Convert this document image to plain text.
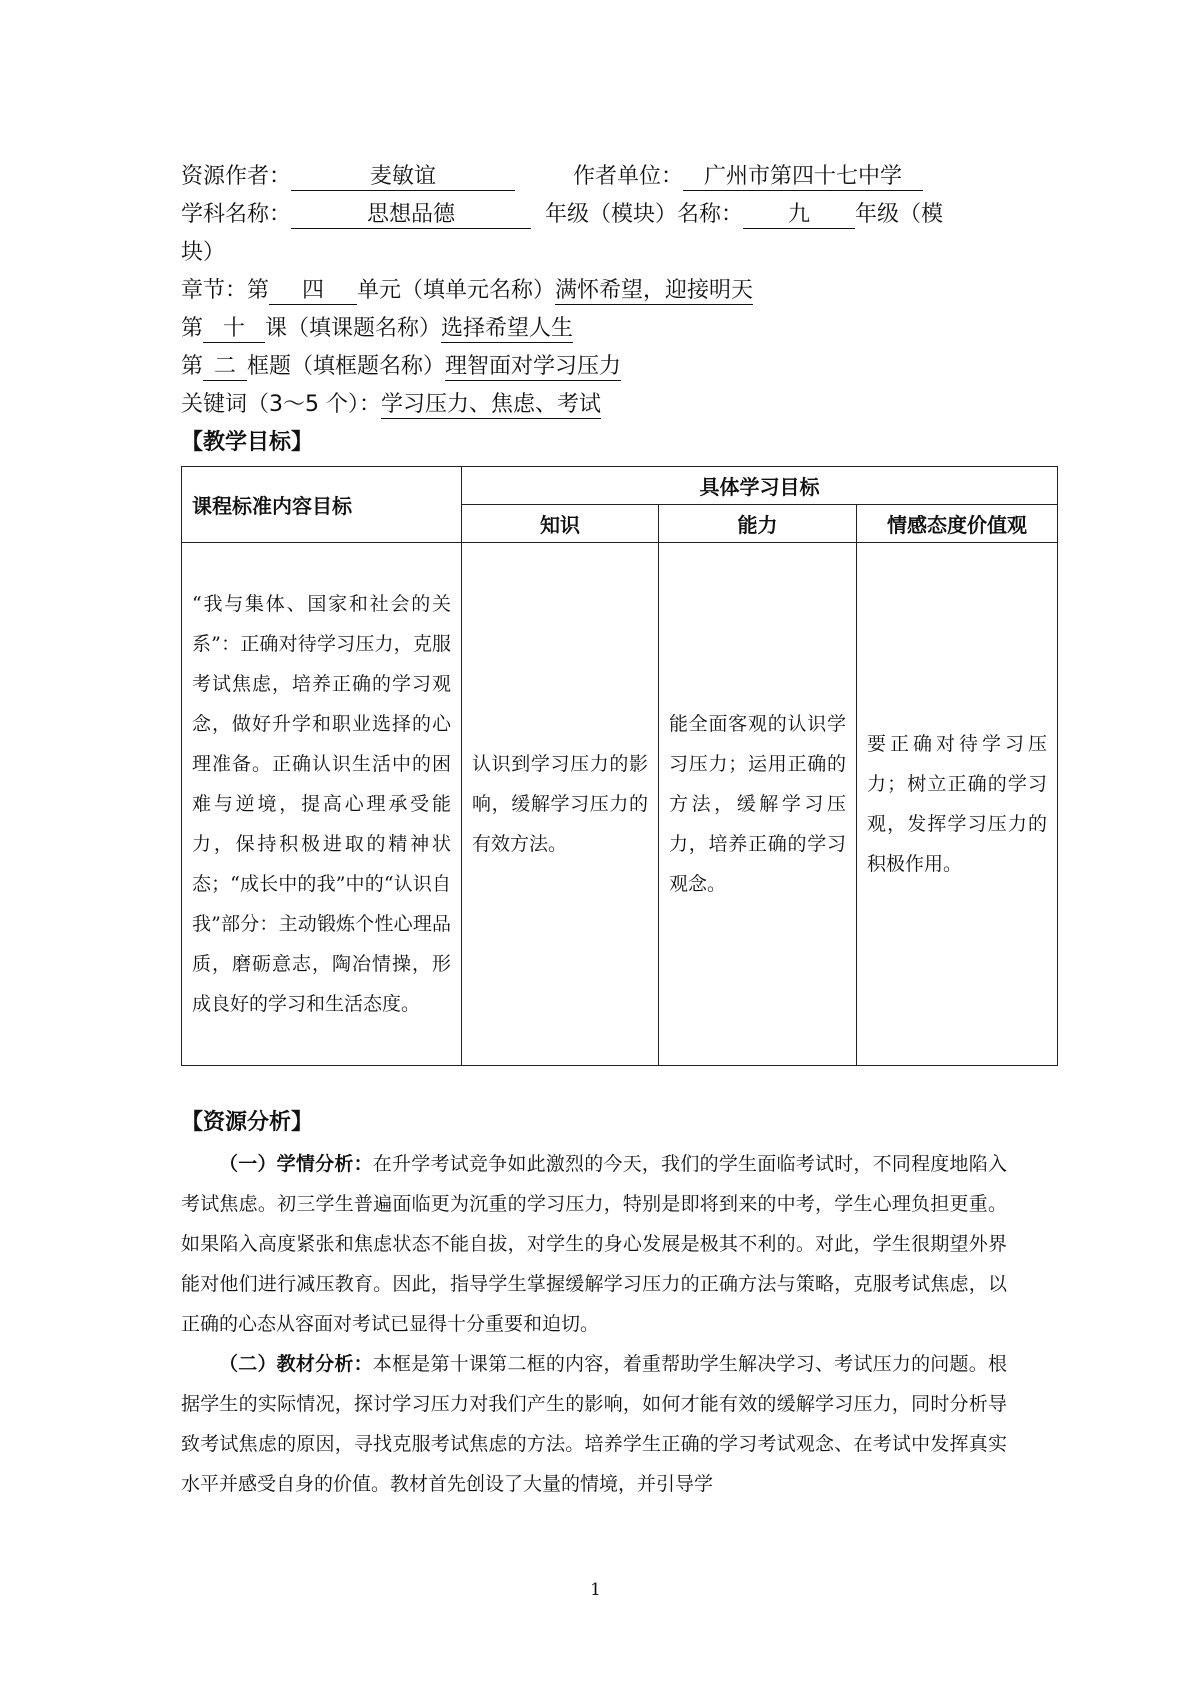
资源作者：	麦敏谊	作者单位： 广州市第四十七中学
学科名称：	思想品德	年级（模块）名称： 九 年级（模
块）
章节：第 四 单元（填单元名称）满怀希望，迎接明天
第 十 课（填课题名称）选择希望人生
第 二 框题（填框题名称）理智面对学习压力
关键词（3～5 个）：学习压力、焦虑、考试
【教学目标】
课程标准内容目标	具体学习目标		
	知识	能力	情感态度价值观

“我与集体、国家和社会的关系”：正确对待学习压力，克服考试焦虑，培养正确的学习观念，做好升学和职业选择的心理准备。正确认识生活中的困难与逆境，提高心理承受能力，保持积极进取的精神状态；“成长中的我”中的“认识自我”部分：主动锻炼个性心理品质，磨砺意志，陶冶情操，形成良好的学习和生活态度。	认识到学习压力的影响，缓解学习压力的有效方法。	能全面客观的认识学习压力；运用正确的方法，缓解学习压力，培养正确的学习观念。	要正确对待学习压力；树立正确的学习观，发挥学习压力的积极作用。
【资源分析】
（一）学情分析：在升学考试竞争如此激烈的今天，我们的学生面临考试时，不同程度地陷入考试焦虑。初三学生普遍面临更为沉重的学习压力，特别是即将到来的中考，学生心理负担更重。如果陷入高度紧张和焦虑状态不能自拔，对学生的身心发展是极其不利的。对此，学生很期望外界能对他们进行减压教育。因此，指导学生掌握缓解学习压力的正确方法与策略，克服考试焦虑，以正确的心态从容面对考试已显得十分重要和迫切。
（二）教材分析：本框是第十课第二框的内容，着重帮助学生解决学习、考试压力的问题。根据学生的实际情况，探讨学习压力对我们产生的影响，如何才能有效的缓解学习压力，同时分析导致考试焦虑的原因，寻找克服考试焦虑的方法。培养学生正确的学习考试观念、在考试中发挥真实水平并感受自身的价值。教材首先创设了大量的情境，并引导学
1
